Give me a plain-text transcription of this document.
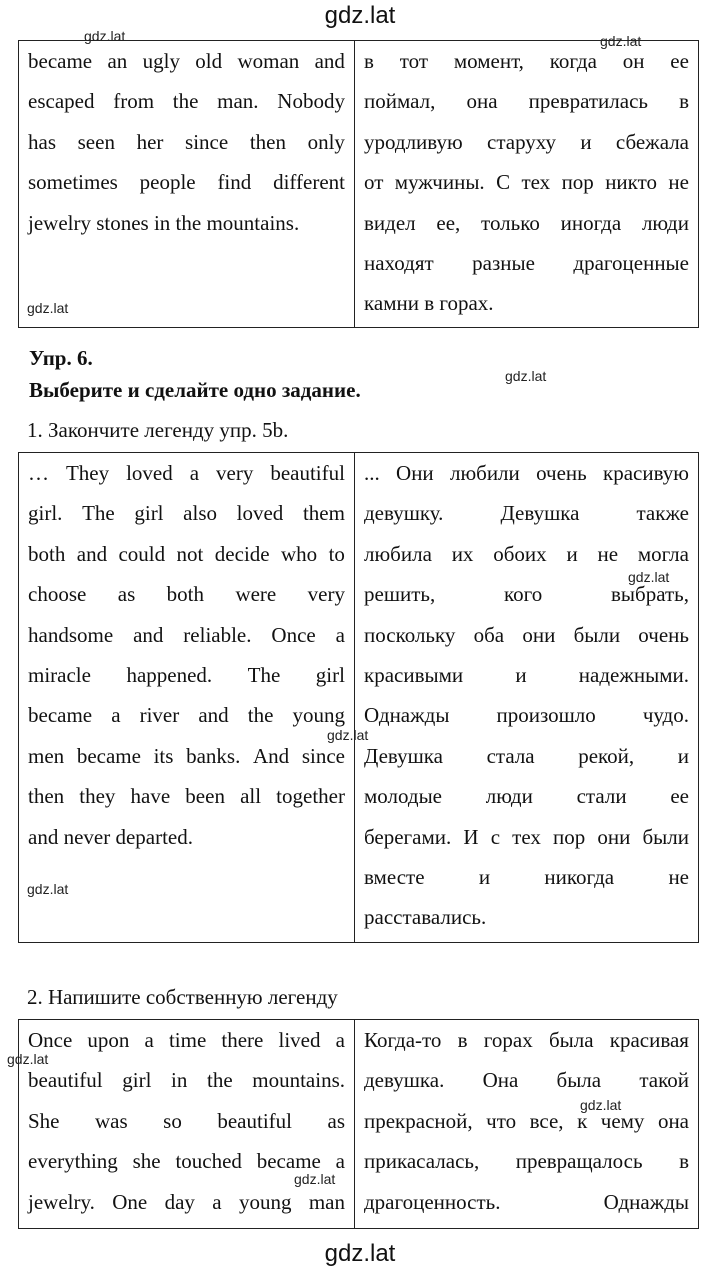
gdz.lat
became an ugly old woman and
escaped from the man. Nobody
has seen her since then only
sometimes people find different
jewelry stones in the mountains.
в тот момент, когда он ее
поймал, она превратилась в
уродливую старуху и сбежала
от мужчины. С тех пор никто не
видел ее, только иногда люди
находят разные драгоценные
камни в горах.
Упр. 6.
Выберите и сделайте одно задание.
1. Закончите легенду упр. 5b.
… They loved a very beautiful
girl. The girl also loved them
both and could not decide who to
choose as both were very
handsome and reliable. Once a
miracle happened. The girl
became a river and the young
men became its banks. And since
then they have been all together
and never departed.
... Они любили очень красивую
девушку.	Девушка	также
любила их обоих и не могла
решить,	кого	выбрать,
поскольку оба они были очень
красивыми и надежными.
Однажды произошло чудо.
Девушка стала рекой, и
молодые люди стали ее
берегами. И с тех пор они были
вместе	и	никогда	не
расставались.
2. Напишите собственную легенду
Once upon a time there lived a
beautiful girl in the mountains.
She was so beautiful as
everything she touched became a
jewelry. One day a young man
Когда-то в горах была красивая
девушка. Она была такой
прекрасной, что все, к чему она
прикасалась, превращалось в
драгоценность.	Однажды
gdz.lat	gdz.lat
gdz.lat
gdz.lat
gdz.lat
gdz.lat
gdz.lat
gdz.lat
gdz.lat
gdz.lat
gdz.lat
